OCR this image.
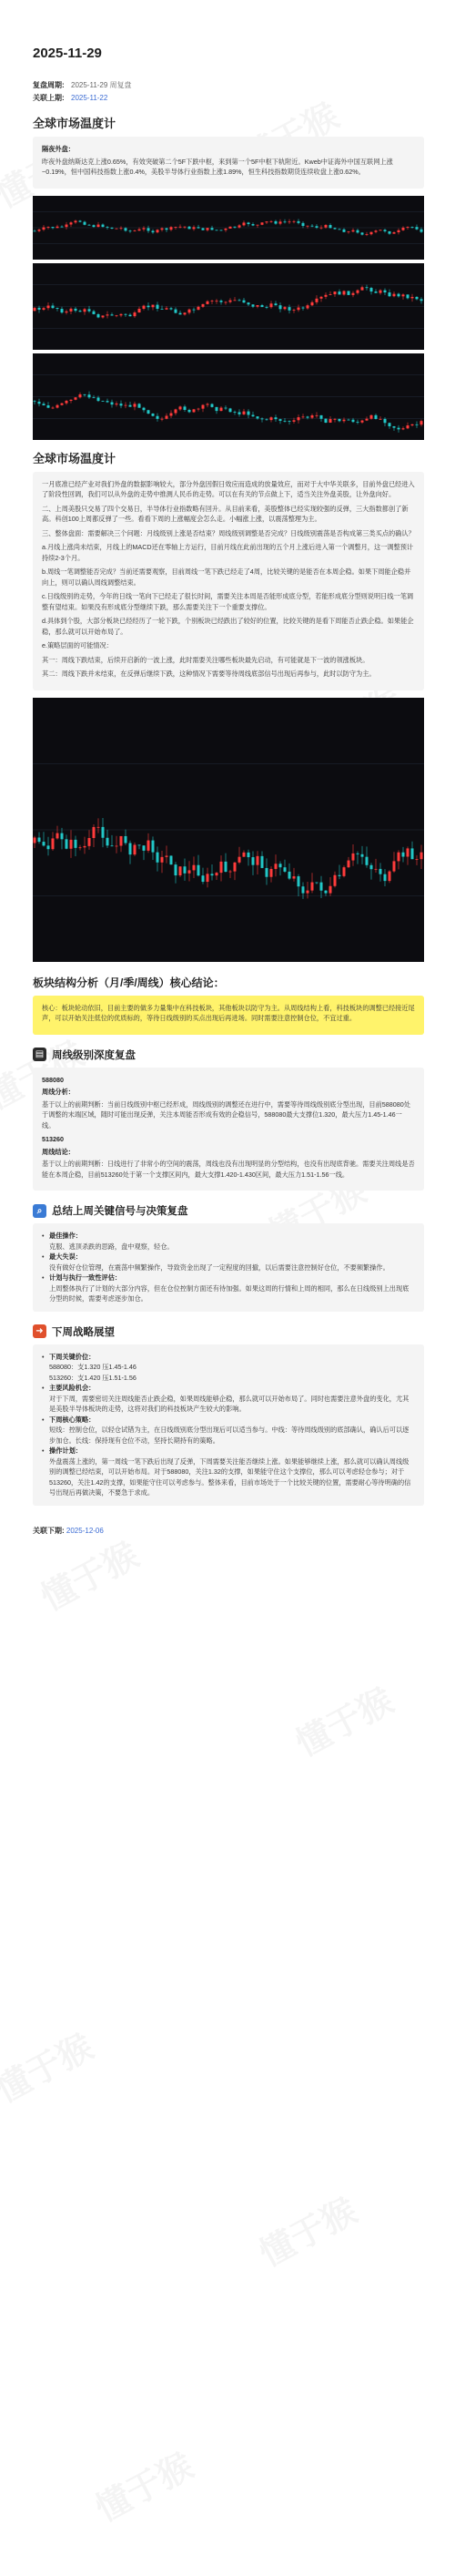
2025-11-29
复盘周期: 2025-11-29 周复盘
关联上期: 2025-11-22
全球市场温度计
隔夜外盘：

昨夜外盘纳斯达克上涨0.65%，有效突破第二个5F下跌中枢，来到第一个5F中枢下轨附近。Kweb中证海外中国互联网上涨~0.19%，恒中国科技指数上涨0.4%，美股半导体行业指数上涨1.89%，恒生科技指数期货连续收盘上涨0.62%。

全球市场温度计

一月底准已经产业对我们外盘的数据影响较大，部分外盘因假日效应而造成的放量效应，而对于大中华关联多，目前外盘已经进入了阶段性回调，我们可以从外盘的走势中推测人民币的走势。可以在有关的节点做上下，适当关注外盘美股，让外盘向好。

二、上周美股只交易了四个交易日，半导体行业指数略有回升。从目前来看，美股整体已经实现较强的反弹，三大指数都创了新高。科创100上周都反弹了一些。看看下周的上涨幅度会怎么走。小幅涨上涨，以震荡整理为主。

三、整体盘面：需要解决三个问题：月线级别上涨是否结束？周线级别调整是否完成？日线级别震荡是否构成第三类买点的确认？

a.月线上涨尚未结束，月线上的MACD还在零轴上方运行，目前月线在此前出现的五个月上涨后进入第一个调整月，这一调整预计持续2-3个月。

b.周线一笔调整能否完成？当前还需要观察，目前周线一笔下跌已经走了4周，比较关键的是能否在本周企稳。如果下周能企稳并向上，则可以确认周线调整结束。

c.日线级别的走势，今年的日线一笔向下已经走了很长时间，需要关注本周是否能形成底分型，若能形成底分型则说明日线一笔调整有望结束。如果没有形成底分型继续下跌，那么需要关注下一个重要支撑位。

d.具体到个股，大部分板块已经经历了一轮下跌，个别板块已经跌出了较好的位置，比较关键的是看下周能否止跌企稳。如果能企稳，那么就可以开始布局了。

e.策略层面的可能情况：

其一：周线下跌结束，后续开启新的一波上涨，此时需要关注哪些板块最先启动，有可能就是下一波的领涨板块。

其二：周线下跌并未结束，在反弹后继续下跌，这种情况下需要等待周线底部信号出现后再参与，此时以防守为主。

板块结构分析（月/季/周线）核心结论：

核心：板块轮动依旧，目前主要的做多力量集中在科技板块，其他板块以防守为主。从周线结构上看，科技板块的调整已经接近尾声，可以开始关注低位的优质标的，等待日线级别的买点出现后再进场。同时需要注意控制仓位，不宜过重。

▤ 周线级别深度复盘
588080
周线分析：

基于以上的前期判断：当前日线级别中枢已经形成，周线级别的调整还在进行中，需要等待周线级别底分型出现，目前588080处于调整的末端区域，随时可能出现反弹，关注本周能否形成有效的企稳信号，588080最大支撑位1.320，最大压力1.45-1.46一线。

513260
周线结论：

基于以上的前期判断：日线进行了非常小的空间的震荡，周线也没有出现明显的分型结构，也没有出现底背驰。需要关注周线是否能在本周企稳，目前513260处于第一个支撑区间内，最大支撑1.420-1.430区间，最大压力1.51-1.56一线。

⌕ 总结上周关键信号与决策复盘
• 最佳操作：
克服、逃顶杀跌的思路，盘中观察，轻仓。
• 最大失误：
没有做好仓位管理，在震荡中频繁操作，导致资金出现了一定程度的回撤，以后需要注意控制好仓位，不要频繁操作。
• 计划与执行一致性评估：
上周整体执行了计划的大部分内容，但在仓位控制方面还有待加强。如果这周的行情和上周的相同，那么在日线级别上出现底分型的时候，需要考虑逐步加仓。
➜ 下周战略展望
• 下周关键价位：
588080：支1.320 压1.45-1.46
513260：支1.420 压1.51-1.56
• 主要风险机会：
对于下周，需要密切关注周线能否止跌企稳，如果周线能够企稳，那么就可以开始布局了。同时也需要注意外盘的变化，尤其是美股半导体板块的走势，这将对我们的科技板块产生较大的影响。
• 下周核心策略：
短线：控制仓位，以轻仓试错为主，在日线级别底分型出现后可以适当参与。中线：等待周线级别的底部确认，确认后可以逐步加仓。长线：保持现有仓位不动，坚持长期持有的策略。
• 操作计划：
外盘震荡上涨的，第一周线一笔下跌后出现了反弹，下周需要关注能否继续上涨。如果能够继续上涨，那么就可以确认周线级别的调整已经结束，可以开始布局。对于588080，关注1.32的支撑，如果能守住这个支撑位，那么可以考虑轻仓参与；对于513260，关注1.42的支撑，如果能守住可以考虑参与。整体来看，目前市场处于一个比较关键的位置，需要耐心等待明确的信号出现后再做决策，不要急于求成。
关联下期: 2025-12-06
